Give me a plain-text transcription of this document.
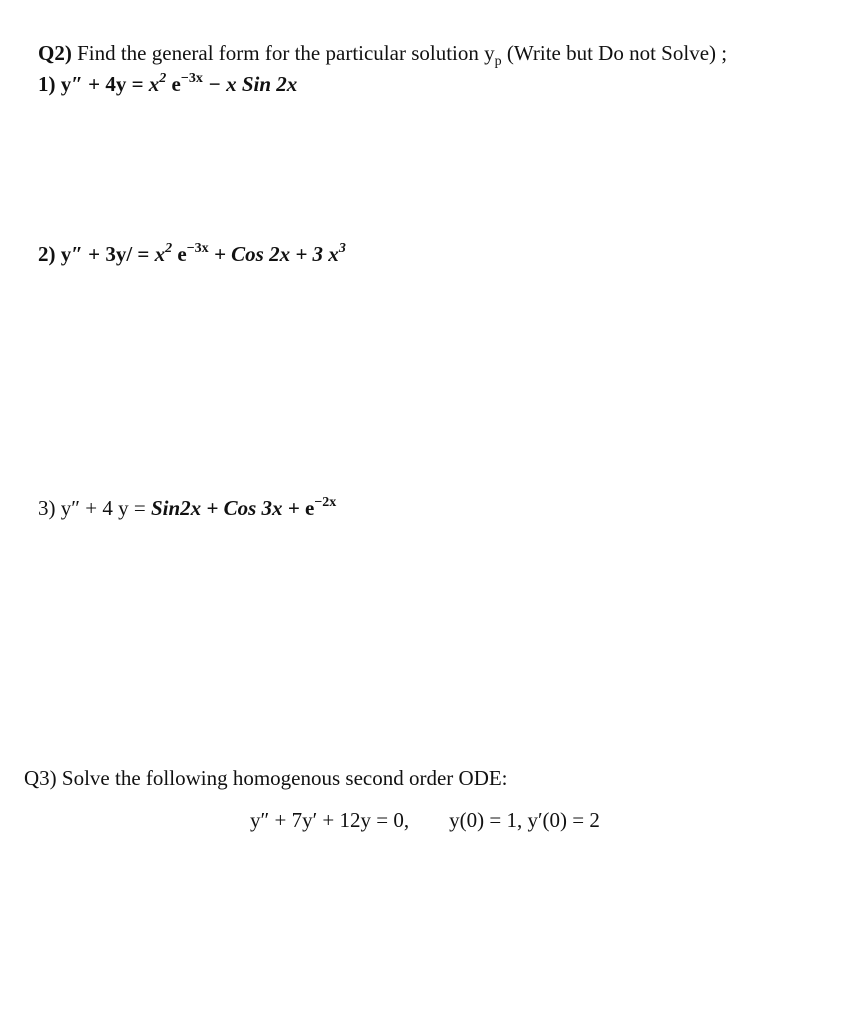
Q2) Find the general form for the particular solution $y_p$ (Write but Do not Solve) ;
1) $y'' + 4y = x^2$ $e^{-3x} - x$ Sin 2x
2) $y'' + 3y/ = x^2$ $e^{-3x}$ + Cos 2x + 3 $x^3$
3) y″ + 4 y = Sin2x + Cos $3x + e^{-2x}$
Q3) Solve the following homogenous second order ODE:
y″ + 7y′ + 12y = 0, y(0) = 1, y′(0) = 2
